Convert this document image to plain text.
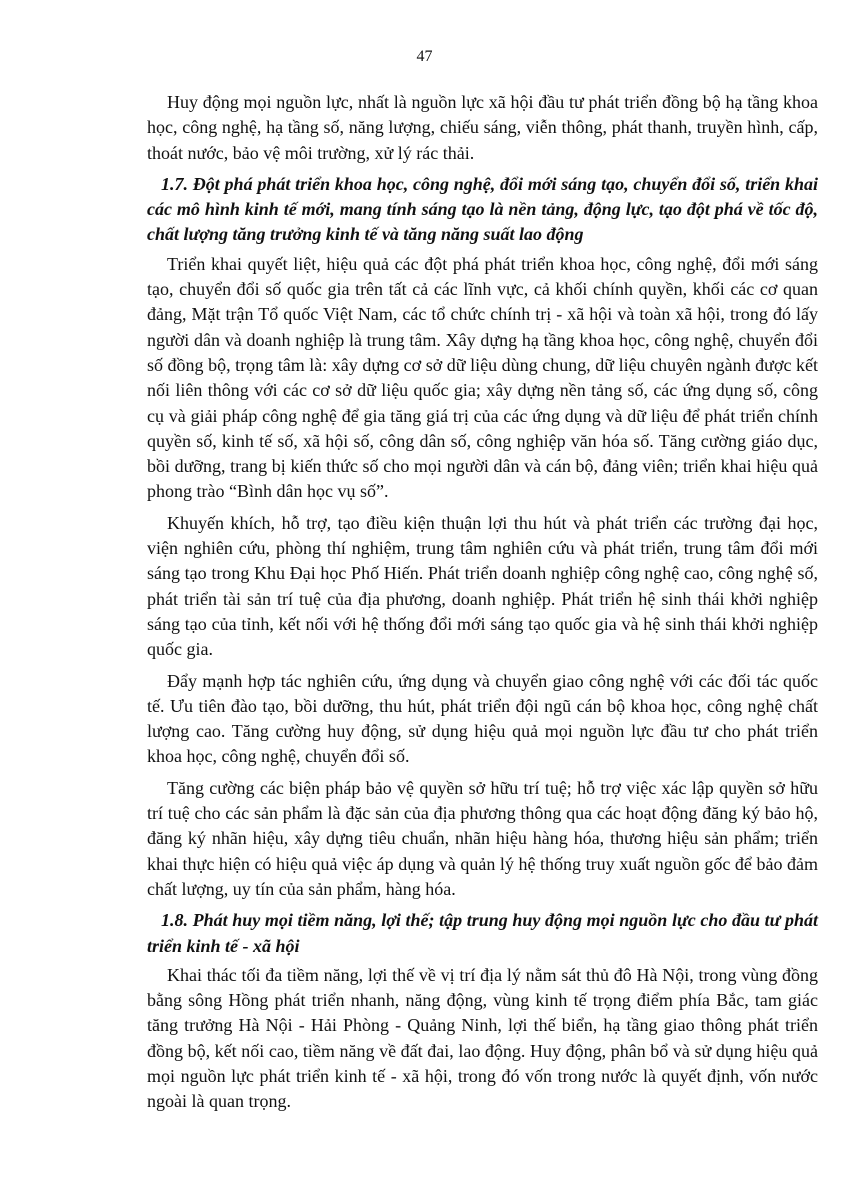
47

Huy động mọi nguồn lực, nhất là nguồn lực xã hội đầu tư phát triển đồng bộ hạ tầng khoa học, công nghệ, hạ tầng số, năng lượng, chiếu sáng, viễn thông, phát thanh, truyền hình, cấp, thoát nước, bảo vệ môi trường, xử lý rác thải.

1.7. Đột phá phát triển khoa học, công nghệ, đổi mới sáng tạo, chuyển đổi số, triển khai các mô hình kinh tế mới, mang tính sáng tạo là nền tảng, động lực, tạo đột phá về tốc độ, chất lượng tăng trưởng kinh tế và tăng năng suất lao động

Triển khai quyết liệt, hiệu quả các đột phá phát triển khoa học, công nghệ, đổi mới sáng tạo, chuyển đổi số quốc gia trên tất cả các lĩnh vực, cả khối chính quyền, khối các cơ quan đảng, Mặt trận Tổ quốc Việt Nam, các tổ chức chính trị - xã hội và toàn xã hội, trong đó lấy người dân và doanh nghiệp là trung tâm. Xây dựng hạ tầng khoa học, công nghệ, chuyển đổi số đồng bộ, trọng tâm là: xây dựng cơ sở dữ liệu dùng chung, dữ liệu chuyên ngành được kết nối liên thông với các cơ sở dữ liệu quốc gia; xây dựng nền tảng số, các ứng dụng số, công cụ và giải pháp công nghệ để gia tăng giá trị của các ứng dụng và dữ liệu để phát triển chính quyền số, kinh tế số, xã hội số, công dân số, công nghiệp văn hóa số. Tăng cường giáo dục, bồi dưỡng, trang bị kiến thức số cho mọi người dân và cán bộ, đảng viên; triển khai hiệu quả phong trào “Bình dân học vụ số”.

Khuyến khích, hỗ trợ, tạo điều kiện thuận lợi thu hút và phát triển các trường đại học, viện nghiên cứu, phòng thí nghiệm, trung tâm nghiên cứu và phát triển, trung tâm đổi mới sáng tạo trong Khu Đại học Phố Hiến. Phát triển doanh nghiệp công nghệ cao, công nghệ số, phát triển tài sản trí tuệ của địa phương, doanh nghiệp. Phát triển hệ sinh thái khởi nghiệp sáng tạo của tỉnh, kết nối với hệ thống đổi mới sáng tạo quốc gia và hệ sinh thái khởi nghiệp quốc gia.

Đẩy mạnh hợp tác nghiên cứu, ứng dụng và chuyển giao công nghệ với các đối tác quốc tế. Ưu tiên đào tạo, bồi dưỡng, thu hút, phát triển đội ngũ cán bộ khoa học, công nghệ chất lượng cao. Tăng cường huy động, sử dụng hiệu quả mọi nguồn lực đầu tư cho phát triển khoa học, công nghệ, chuyển đổi số.

Tăng cường các biện pháp bảo vệ quyền sở hữu trí tuệ; hỗ trợ việc xác lập quyền sở hữu trí tuệ cho các sản phẩm là đặc sản của địa phương thông qua các hoạt động đăng ký bảo hộ, đăng ký nhãn hiệu, xây dựng tiêu chuẩn, nhãn hiệu hàng hóa, thương hiệu sản phẩm; triển khai thực hiện có hiệu quả việc áp dụng và quản lý hệ thống truy xuất nguồn gốc để bảo đảm chất lượng, uy tín của sản phẩm, hàng hóa.

1.8. Phát huy mọi tiềm năng, lợi thế; tập trung huy động mọi nguồn lực cho đầu tư phát triển kinh tế - xã hội

Khai thác tối đa tiềm năng, lợi thế về vị trí địa lý nằm sát thủ đô Hà Nội, trong vùng đồng bằng sông Hồng phát triển nhanh, năng động, vùng kinh tế trọng điểm phía Bắc, tam giác tăng trưởng Hà Nội - Hải Phòng - Quảng Ninh, lợi thế biển, hạ tầng giao thông phát triển đồng bộ, kết nối cao, tiềm năng về đất đai, lao động. Huy động, phân bổ và sử dụng hiệu quả mọi nguồn lực phát triển kinh tế - xã hội, trong đó vốn trong nước là quyết định, vốn nước ngoài là quan trọng.
